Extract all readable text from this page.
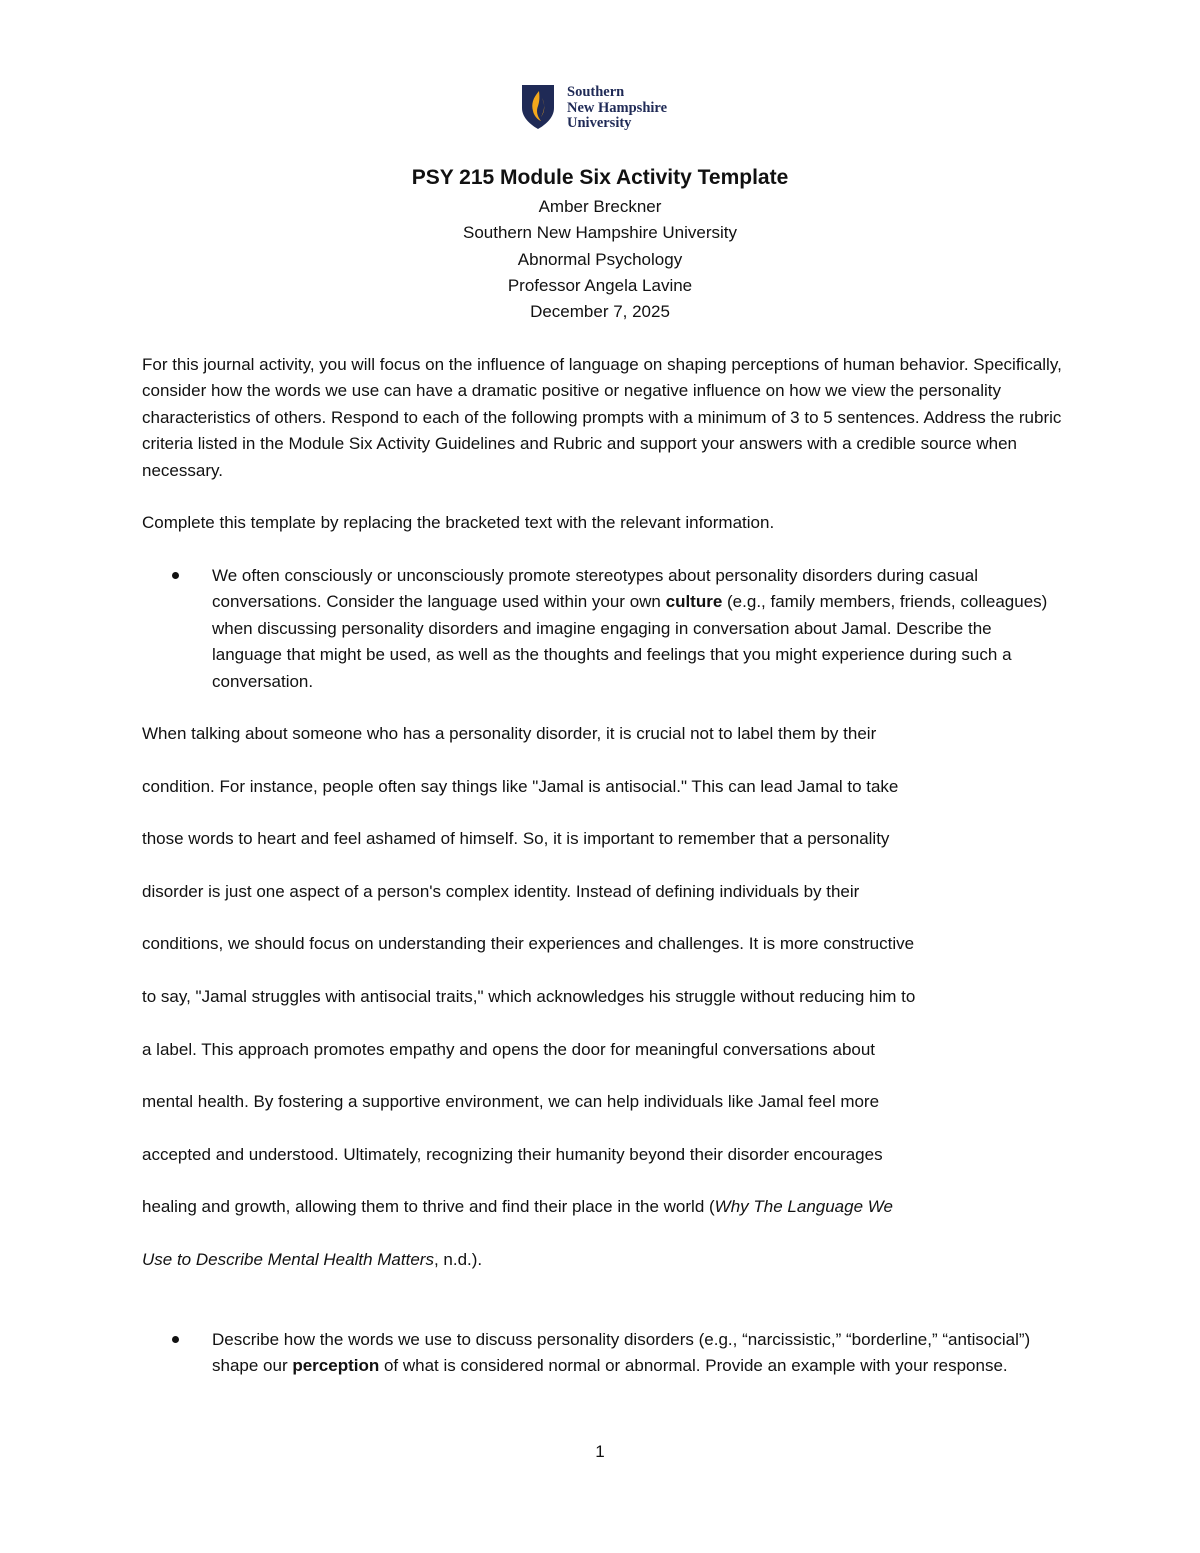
Southern
New Hampshire
University
PSY 215 Module Six Activity Template
Amber Breckner
Southern New Hampshire University
Abnormal Psychology
Professor Angela Lavine
December 7, 2025
For this journal activity, you will focus on the influence of language on shaping perceptions of human behavior. Specifically, consider how the words we use can have a dramatic positive or negative influence on how we view the personality characteristics of others. Respond to each of the following prompts with a minimum of 3 to 5 sentences. Address the rubric criteria listed in the Module Six Activity Guidelines and Rubric and support your answers with a credible source when necessary.
Complete this template by replacing the bracketed text with the relevant information.
We often consciously or unconsciously promote stereotypes about personality disorders during casual conversations. Consider the language used within your own culture (e.g., family members, friends, colleagues) when discussing personality disorders and imagine engaging in conversation about Jamal. Describe the language that might be used, as well as the thoughts and feelings that you might experience during such a conversation.
When talking about someone who has a personality disorder, it is crucial not to label them by their
condition. For instance, people often say things like "Jamal is antisocial." This can lead Jamal to take
those words to heart and feel ashamed of himself. So, it is important to remember that a personality
disorder is just one aspect of a person's complex identity. Instead of defining individuals by their
conditions, we should focus on understanding their experiences and challenges. It is more constructive
to say, "Jamal struggles with antisocial traits," which acknowledges his struggle without reducing him to
a label. This approach promotes empathy and opens the door for meaningful conversations about
mental health. By fostering a supportive environment, we can help individuals like Jamal feel more
accepted and understood. Ultimately, recognizing their humanity beyond their disorder encourages
healing and growth, allowing them to thrive and find their place in the world (Why The Language We
Use to Describe Mental Health Matters, n.d.).
Describe how the words we use to discuss personality disorders (e.g., “narcissistic,” “borderline,” “antisocial”) shape our perception of what is considered normal or abnormal. Provide an example with your response.
1
